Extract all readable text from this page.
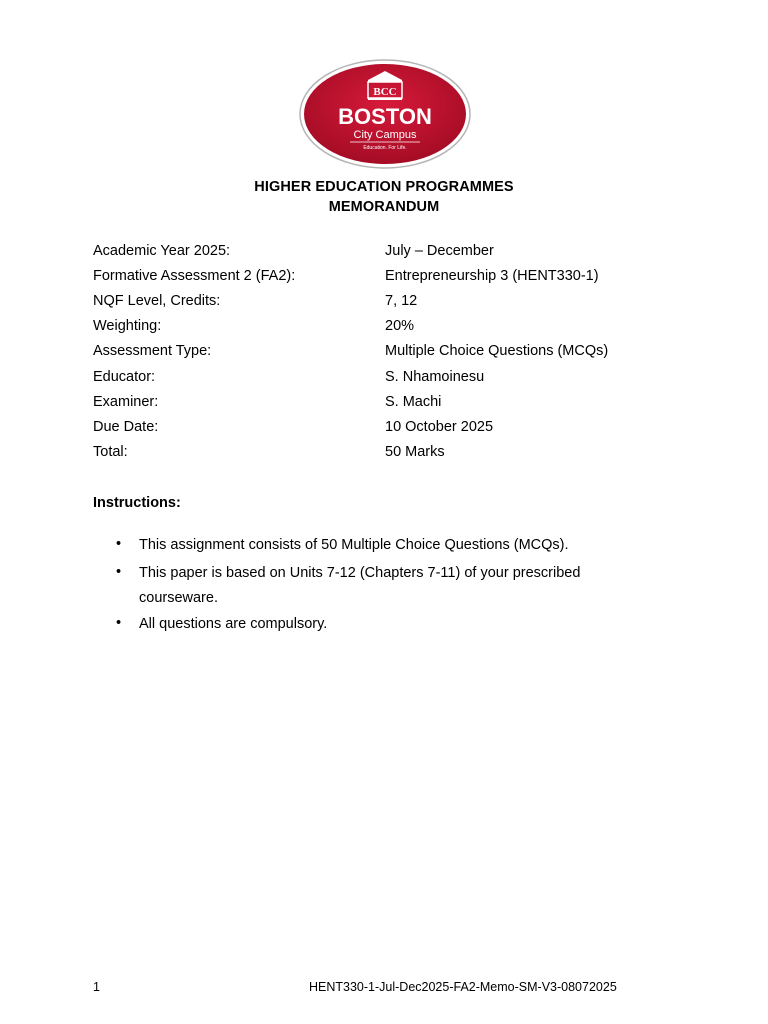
BCC
BOSTON
City Campus
Education. For Life.
HIGHER EDUCATION PROGRAMMES
MEMORANDUM
Academic Year 2025:	July – December
Formative Assessment 2 (FA2):	Entrepreneurship 3 (HENT330-1)
NQF Level, Credits:	7, 12
Weighting:	20%
Assessment Type:	Multiple Choice Questions (MCQs)
Educator:	S. Nhamoinesu
Examiner:	S. Machi
Due Date:	10 October 2025
Total:	50 Marks
Instructions:
• This assignment consists of 50 Multiple Choice Questions (MCQs).
• This paper is based on Units 7-12 (Chapters 7-11) of your prescribed courseware.
• All questions are compulsory.
1	HENT330-1-Jul-Dec2025-FA2-Memo-SM-V3-08072025
